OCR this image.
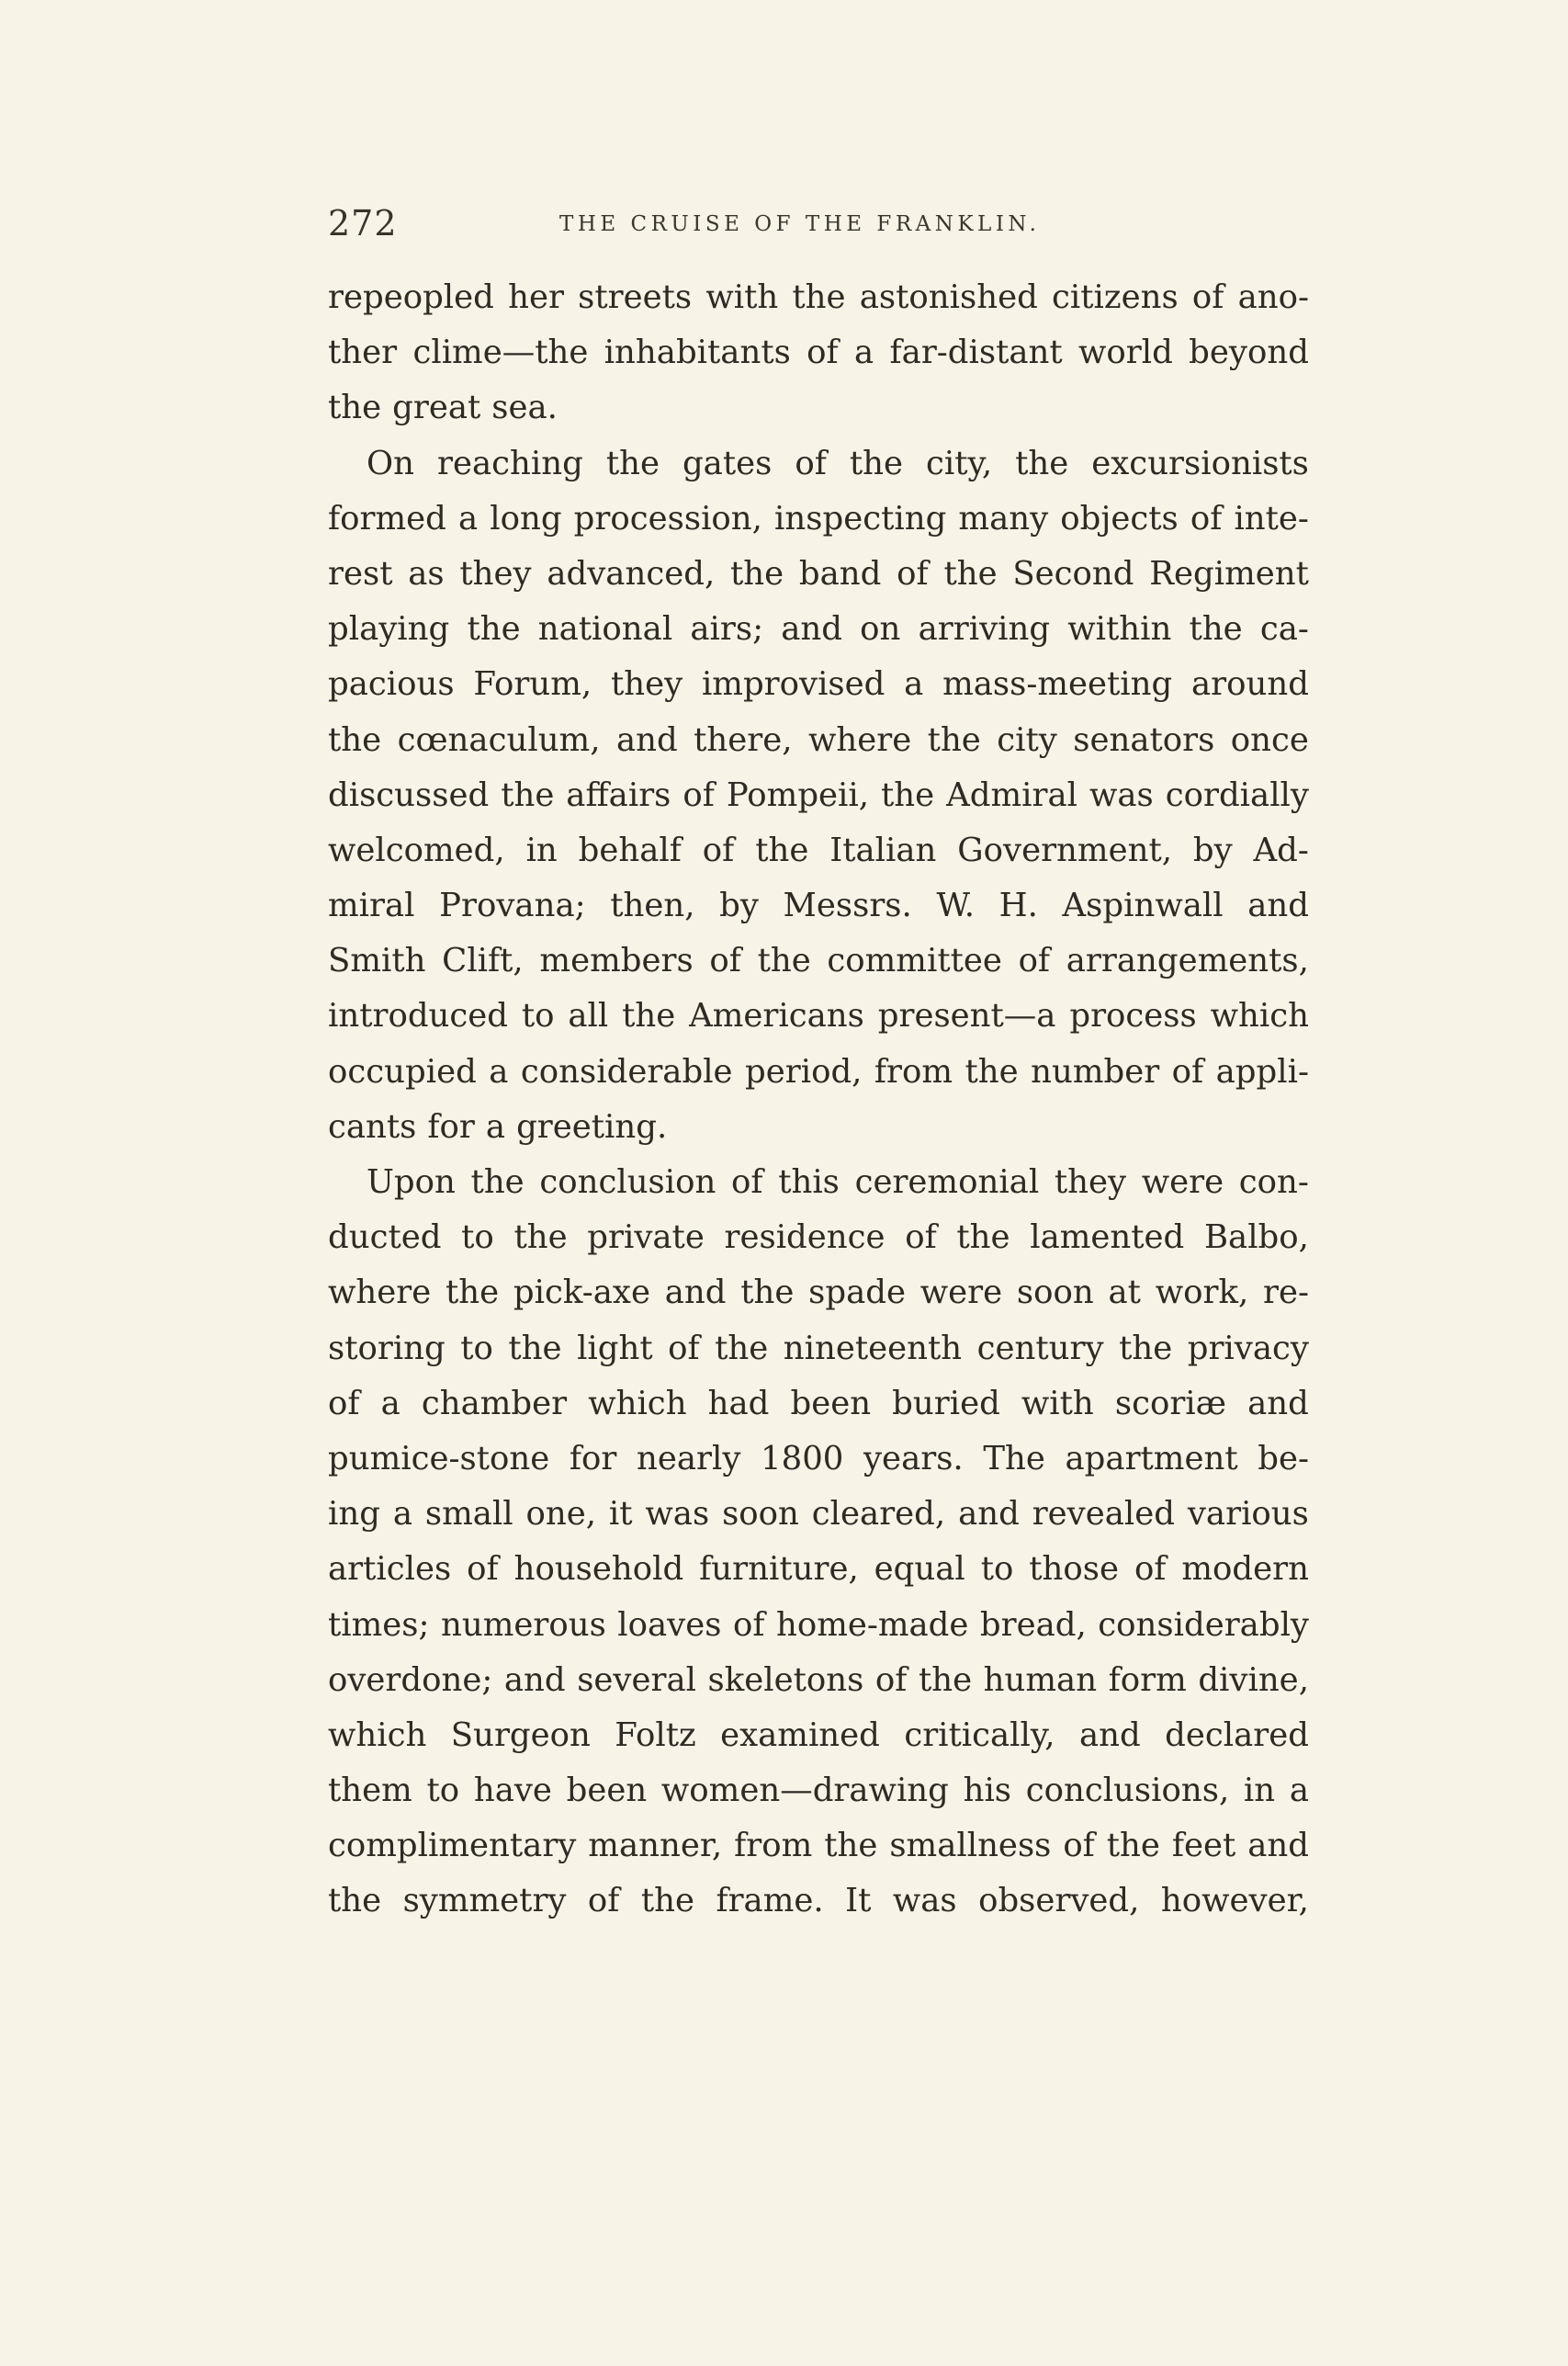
272	THE CRUISE OF THE FRANKLIN.
repeopled her streets with the astonished citizens of ano-
ther clime—the inhabitants of a far-distant world beyond
the great sea.
On reaching the gates of the city, the excursionists
formed a long procession, inspecting many objects of inte-
rest as they advanced, the band of the Second Regiment
playing the national airs; and on arriving within the ca-
pacious Forum, they improvised a mass-meeting around
the cœnaculum, and there, where the city senators once
discussed the affairs of Pompeii, the Admiral was cordially
welcomed, in behalf of the Italian Government, by Ad-
miral Provana; then, by Messrs. W. H. Aspinwall and
Smith Clift, members of the committee of arrangements,
introduced to all the Americans present—a process which
occupied a considerable period, from the number of appli-
cants for a greeting.
Upon the conclusion of this ceremonial they were con-
ducted to the private residence of the lamented Balbo,
where the pick-axe and the spade were soon at work, re-
storing to the light of the nineteenth century the privacy
of a chamber which had been buried with scoriæ and
pumice-stone for nearly 1800 years. The apartment be-
ing a small one, it was soon cleared, and revealed various
articles of household furniture, equal to those of modern
times; numerous loaves of home-made bread, considerably
overdone; and several skeletons of the human form divine,
which Surgeon Foltz examined critically, and declared
them to have been women—drawing his conclusions, in a
complimentary manner, from the smallness of the feet and
the symmetry of the frame. It was observed, however,
